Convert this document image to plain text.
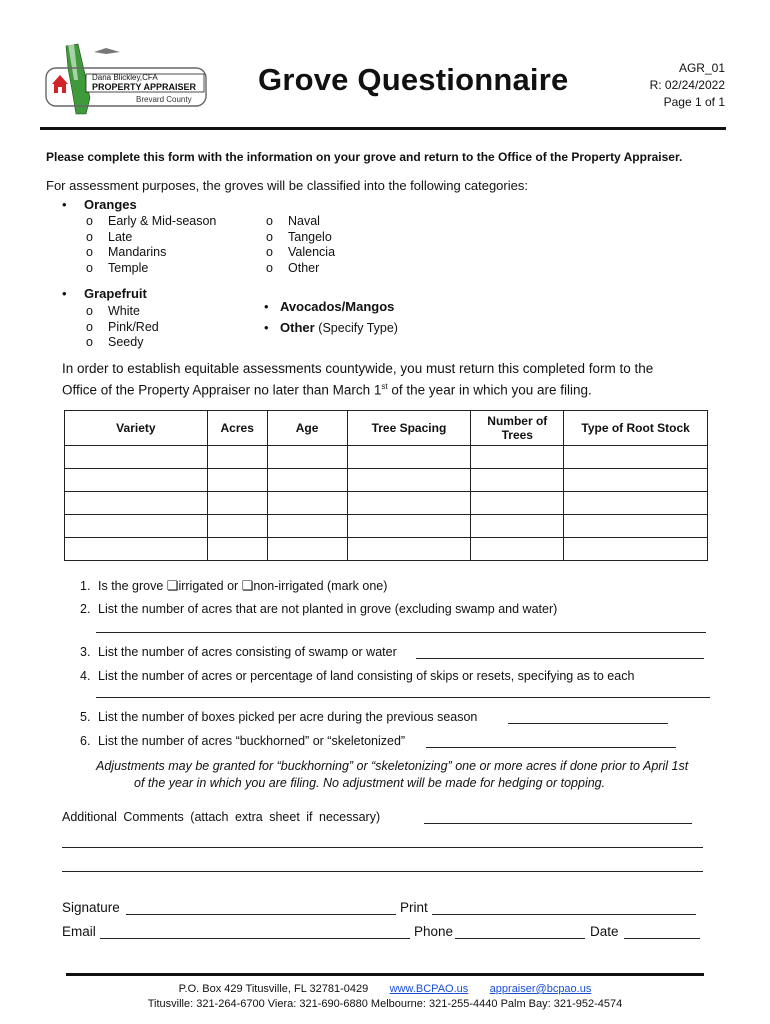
Dana Blickley,CFA
PROPERTY APPRAISER
Brevard County
Grove Questionnaire	AGR_01
R: 02/24/2022
Page 1 of 1
Please complete this form with the information on your grove and return to the Office of the Property Appraiser.
For assessment purposes, the groves will be classified into the following categories:
• Oranges
o Early & Mid-season
o Late
o Mandarins
o Temple
o Naval
o Tangelo
o Valencia
o Other
• Grapefruit
o White
o Pink/Red
o Seedy
• Avocados/Mangos
• Other (Specify Type)
In order to establish equitable assessments countywide, you must return this completed form to the
Office of the Property Appraiser no later than March 1st of the year in which you are filing.
Variety	Acres	Age	Tree Spacing	Number of Trees	Type of Root Stock

1. Is the grove ❏irrigated or ❏non-irrigated (mark one)
2. List the number of acres that are not planted in grove (excluding swamp and water)
3. List the number of acres consisting of swamp or water
4. List the number of acres or percentage of land consisting of skips or resets, specifying as to each
5. List the number of boxes picked per acre during the previous season
6. List the number of acres “buckhorned” or “skeletonized”
Adjustments may be granted for “buckhorning” or “skeletonizing” one or more acres if done prior to April 1st
of the year in which you are filing. No adjustment will be made for hedging or topping.
Additional Comments (attach extra sheet if necessary)
Signature	Print
Email	Phone	Date
P.O. Box 429 Titusville, FL 32781-0429 www.BCPAO.us appraiser@bcpao.us
Titusville: 321-264-6700 Viera: 321-690-6880 Melbourne: 321-255-4440 Palm Bay: 321-952-4574
